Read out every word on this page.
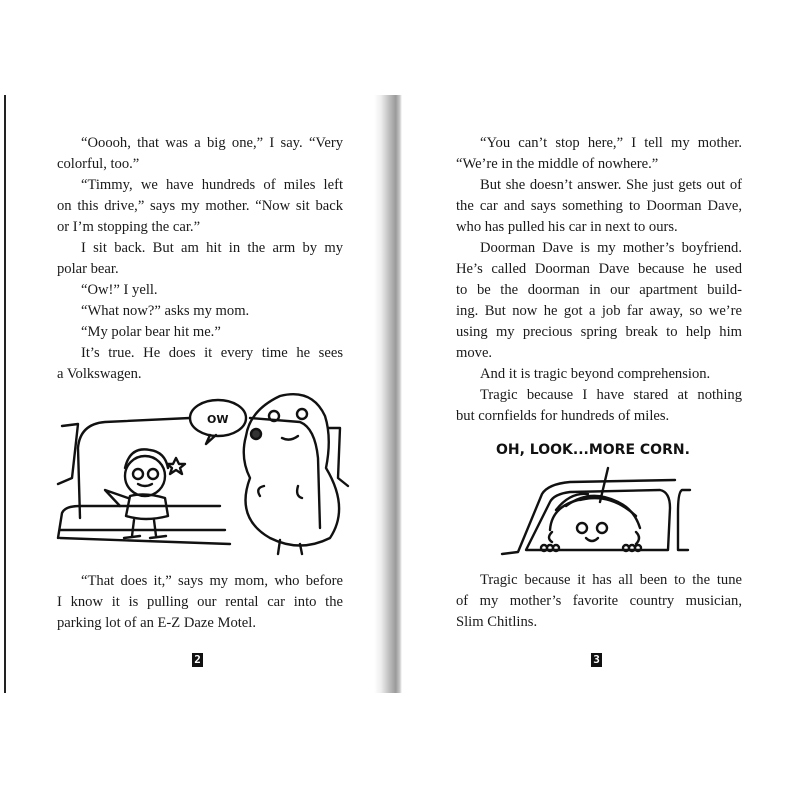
“Ooooh, that was a big one,” I say. “Very
colorful, too.”
“Timmy, we have hundreds of miles left
on this drive,” says my mother. “Now sit back
or I’m stopping the car.”
I sit back. But am hit in the arm by my
polar bear.
“Ow!” I yell.
“What now?” asks my mom.
“My polar bear hit me.”
It’s true. He does it every time he sees
a Volkswagen.
“That does it,” says my mom, who before
I know it is pulling our rental car into the
parking lot of an E-Z Daze Motel.
“You can’t stop here,” I tell my mother.
“We’re in the middle of nowhere.”
But she doesn’t answer. She just gets out of
the car and says something to Doorman Dave,
who has pulled his car in next to ours.
Doorman Dave is my mother’s boyfriend.
He’s called Doorman Dave because he used
to be the doorman in our apartment build-
ing. But now he got a job far away, so we’re
using my precious spring break to help him
move.
And it is tragic beyond comprehension.
Tragic because I have stared at nothing
but cornfields for hundreds of miles.
Tragic because it has all been to the tune
of my mother’s favorite country musician,
Slim Chitlins.
OW
OH, LOOK...MORE CORN.
2	3
